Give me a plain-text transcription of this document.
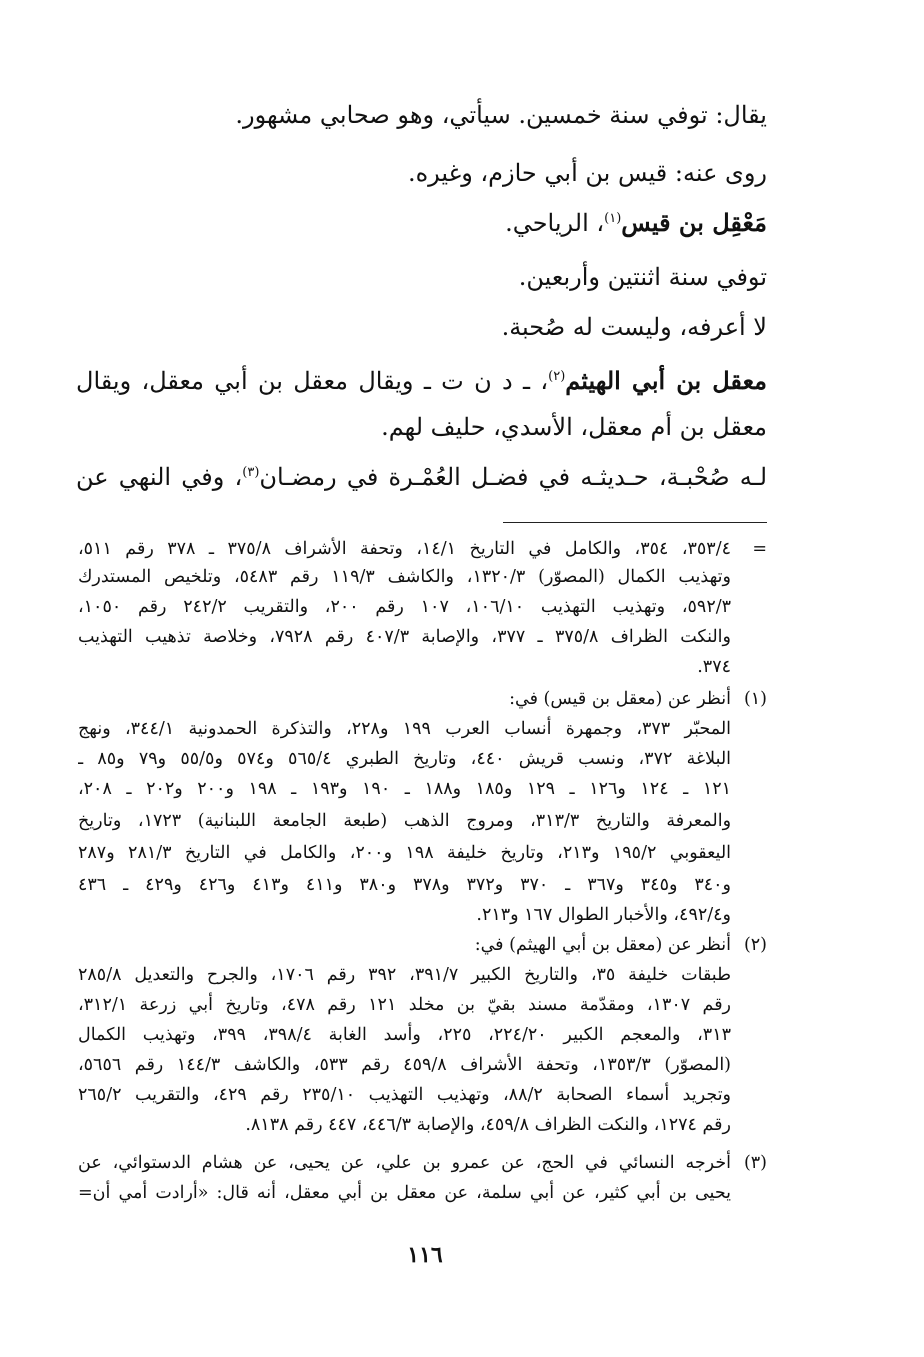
يقال: توفي سنة خمسين. سيأتي، وهو صحابي مشهور.
روى عنه: قيس بن أبي حازم، وغيره.
مَعْقِل بن قيس$^{(١)}$، الرياحي.
توفي سنة اثنتين وأربعين.
لا أعرفه، وليست له صُحبة.
معقل بن أبي الهيثم$^{(٢)}$، ـ د ن ت ـ ويقال معقل بن أبي معقل، ويقال
معقل بن أم معقل، الأسدي، حليف لهم.
لـه صُحْبـة، حـديثـه في فضـل العُمْـرة في رمضـان$^{(٣)}$، وفي النهي عن
=
٣٥٣/٤، ٣٥٤، والكامل في التاريخ ١٤/١، وتحفة الأشراف ٣٧٥/٨ ـ ٣٧٨ رقم ٥١١،
وتهذيب الكمال (المصوّر) ١٣٢٠/٣، والكاشف ١١٩/٣ رقم ٥٤٨٣، وتلخيص المستدرك
٥٩٢/٣، وتهذيب التهذيب ١٠٦/١٠، ١٠٧ رقم ٢٠٠، والتقريب ٢٤٢/٢ رقم ١٠٥٠،
والنكت الظراف ٣٧٥/٨ ـ ٣٧٧، والإصابة ٤٠٧/٣ رقم ٧٩٢٨، وخلاصة تذهيب التهذيب
٣٧٤.
(١)
أنظر عن (معقل بن قيس) في:
المحبّر ٣٧٣، وجمهرة أنساب العرب ١٩٩ و٢٢٨، والتذكرة الحمدونية ٣٤٤/١، ونهج
البلاغة ٣٧٢، ونسب قريش ٤٤٠، وتاريخ الطبري ٥٦٥/٤ و٥٧٤ و٥٥/٥ و٧٩ و٨٥ ـ
١٢١ ـ ١٢٤ و١٢٦ ـ ١٢٩ و١٨٥ و١٨٨ ـ ١٩٠ و١٩٣ ـ ١٩٨ و٢٠٠ و٢٠٢ ـ ٢٠٨،
والمعرفة والتاريخ ٣١٣/٣، ومروج الذهب (طبعة الجامعة اللبنانية) ١٧٢٣، وتاريخ
اليعقوبي ١٩٥/٢ و٢١٣، وتاريخ خليفة ١٩٨ و٢٠٠، والكامل في التاريخ ٢٨١/٣ و٢٨٧
و٣٤٠ و٣٤٥ و٣٦٧ ـ ٣٧٠ و٣٧٢ و٣٧٨ و٣٨٠ و٤١١ و٤١٣ و٤٢٦ و٤٢٩ ـ ٤٣٦
و٤٩٢/٤، والأخبار الطوال ١٦٧ و٢١٣.
(٢)
أنظر عن (معقل بن أبي الهيثم) في:
طبقات خليفة ٣٥، والتاريخ الكبير ٣٩١/٧، ٣٩٢ رقم ١٧٠٦، والجرح والتعديل ٢٨٥/٨
رقم ١٣٠٧، ومقدّمة مسند بقيّ بن مخلد ١٢١ رقم ٤٧٨، وتاريخ أبي زرعة ٣١٢/١،
٣١٣، والمعجم الكبير ٢٢٤/٢٠، ٢٢٥، وأسد الغابة ٣٩٨/٤، ٣٩٩، وتهذيب الكمال
(المصوّر) ١٣٥٣/٣، وتحفة الأشراف ٤٥٩/٨ رقم ٥٣٣، والكاشف ١٤٤/٣ رقم ٥٦٥٦،
وتجريد أسماء الصحابة ٨٨/٢، وتهذيب التهذيب ٢٣٥/١٠ رقم ٤٢٩، والتقريب ٢٦٥/٢
رقم ١٢٧٤، والنكت الظراف ٤٥٩/٨، والإصابة ٤٤٦/٣، ٤٤٧ رقم ٨١٣٨.
(٣)
أخرجه النسائي في الحج، عن عمرو بن علي، عن يحيى، عن هشام الدستوائي، عن
يحيى بن أبي كثير، عن أبي سلمة، عن معقل بن أبي معقل، أنه قال: «أرادت أمي أن=
١١٦
